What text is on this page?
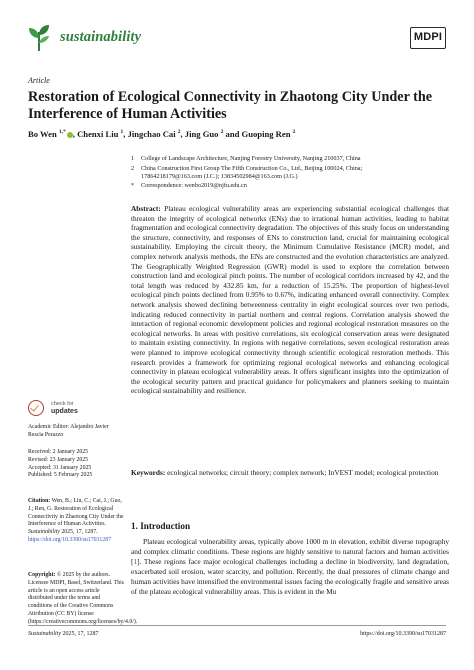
sustainability	MDPI
Article
Restoration of Ecological Connectivity in Zhaotong City Under the Interference of Human Activities
Bo Wen $^{1,*}$ , Chenxi Liu $^1$, Jingchao Cai $^2$, Jing Guo $^2$ and Guoping Ren $^2$
1 College of Landscape Architecture, Nanjing Forestry University, Nanjing 210037, China
2 China Construction First Group The Fifth Construction Co., Ltd., Beijing 100024, China;
17864218179@163.com (J.C.); 13834502984@163.com (J.G.)
* Correspondence: wenbo2019@njfu.edu.cn
Abstract: Plateau ecological vulnerability areas are experiencing substantial ecological challenges that threaten the integrity of ecological networks (ENs) due to irrational human activities, leading to habitat fragmentation and ecological connectivity degradation. The objectives of this study focus on understanding the structure, connectivity, and responses of ENs to construction land, crucial for maintaining ecological sustainability. Employing the circuit theory, the Minimum Cumulative Resistance (MCR) model, and complex network analysis methods, the ENs are constructed and the evolution characteristics are analyzed. The Geographically Weighted Regression (GWR) model is used to explore the correlation between construction land and ecological pinch points. The number of ecological corridors increased by 42, and the total length was reduced by 432.85 km, for a reduction of 15.25%. The proportion of highest-level ecological pinch points declined from 0.95% to 0.67%, indicating enhanced overall connectivity. Complex network analysis showed declining betweenness centrality in eight ecological sources over two periods, indicating reduced connectivity in partial northern and central regions. Correlation analysis showed the interaction of regional economic development policies and regional ecological restoration measures on the ecological networks. In areas with positive correlations, six ecological conservation areas were designated to maintain existing connectivity. In regions with negative correlations, seven ecological restoration areas were planned to improve ecological connectivity through scientific ecological restoration methods. This research provides a framework for optimizing regional ecological networks and enhancing ecological connectivity in plateau ecological vulnerability areas. It offers significant insights into the optimization of the ecological security pattern and practical guidance for policymakers and planners seeking to maintain ecological sustainability and resilience.
Keywords: ecological networks; circuit theory; complex network; InVEST model; ecological protection

check for
updates
Academic Editor: Alejandro Javier Rescia Perazzo
Received: 2 January 2025
Revised: 23 January 2025
Accepted: 31 January 2025
Published: 5 February 2025
Citation: Wen, B.; Liu, C.; Cai, J.; Guo, J.; Ren, G. Restoration of Ecological Connectivity in Zhaotong City Under the Interference of Human Activities. Sustainability 2025, 17, 1287. https://doi.org/10.3390/su17031287
Copyright: © 2025 by the authors. Licensee MDPI, Basel, Switzerland. This article is an open access article distributed under the terms and conditions of the Creative Commons Attribution (CC BY) license (https://creativecommons.org/licenses/by/4.0/).
1. Introduction
Plateau ecological vulnerability areas, typically above 1000 m in elevation, exhibit diverse topography and complex climatic conditions. These regions are highly sensitive to natural factors and human activities [1]. These regions face major ecological challenges including a decline in biodiversity, land degradation, exacerbated soil erosion, water scarcity, and pollution. Recently, the dual pressures of climate change and human activities have intensified the environmental issues facing the ecologically fragile and sensitive areas of the plateau ecological vulnerability areas. This is evident in the Mu
Sustainability 2025, 17, 1287	https://doi.org/10.3390/su17031287
